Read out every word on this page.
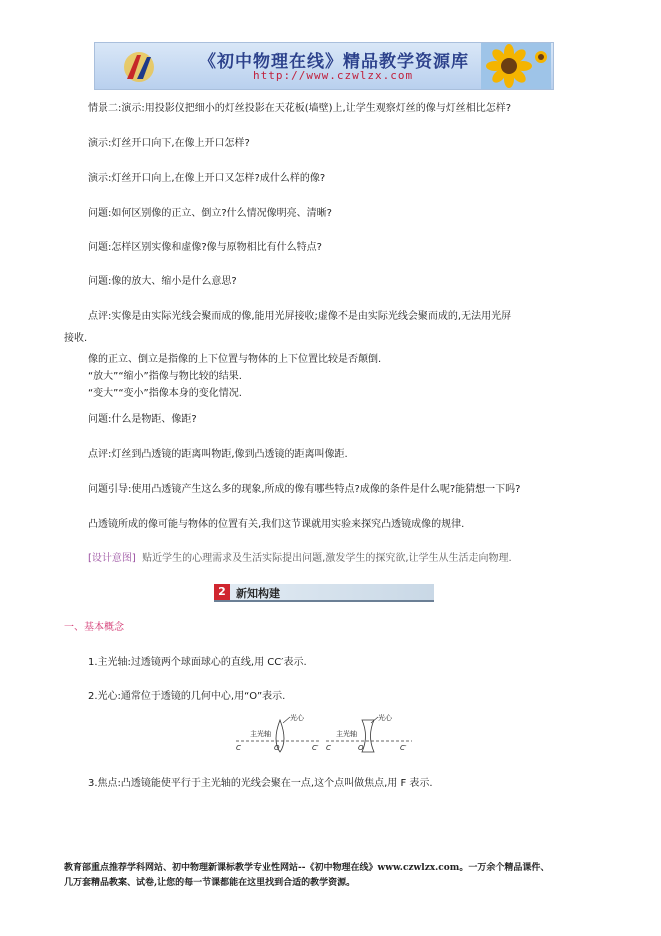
《初中物理在线》精品教学资源库
http://www.czwlzx.com
情景二:演示:用投影仪把细小的灯丝投影在天花板(墙壁)上,让学生观察灯丝的像与灯丝相比怎样?
演示:灯丝开口向下,在像上开口怎样?
演示:灯丝开口向上,在像上开口又怎样?成什么样的像?
问题:如何区别像的正立、倒立?什么情况像明亮、清晰?
问题:怎样区别实像和虚像?像与原物相比有什么特点?
问题:像的放大、缩小是什么意思?
点评:实像是由实际光线会聚而成的像,能用光屏接收;虚像不是由实际光线会聚而成的,无法用光屏
接收.
像的正立、倒立是指像的上下位置与物体的上下位置比较是否颠倒.
“放大”“缩小”指像与物比较的结果.
“变大”“变小”指像本身的变化情况.
问题:什么是物距、像距?
点评:灯丝到凸透镜的距离叫物距,像到凸透镜的距离叫像距.
问题引导:使用凸透镜产生这么多的现象,所成的像有哪些特点?成像的条件是什么呢?能猜想一下吗?
凸透镜所成的像可能与物体的位置有关,我们这节课就用实验来探究凸透镜成像的规律.
[设计意图] 贴近学生的心理需求及生活实际提出问题,激发学生的探究欲,让学生从生活走向物理.
2 新知构建
一、基本概念
1.主光轴:过透镜两个球面球心的直线,用 CC′表示.
2.光心:通常位于透镜的几何中心,用“O”表示.
主光轴
光心
C	O	C′
主光轴
光心
C	O	C′
3.焦点:凸透镜能使平行于主光轴的光线会聚在一点,这个点叫做焦点,用 F 表示.
教育部重点推荐学科网站、初中物理新课标教学专业性网站--《初中物理在线》www.czwlzx.com。一万余个精品课件、
几万套精品教案、试卷,让您的每一节课都能在这里找到合适的教学资源。
